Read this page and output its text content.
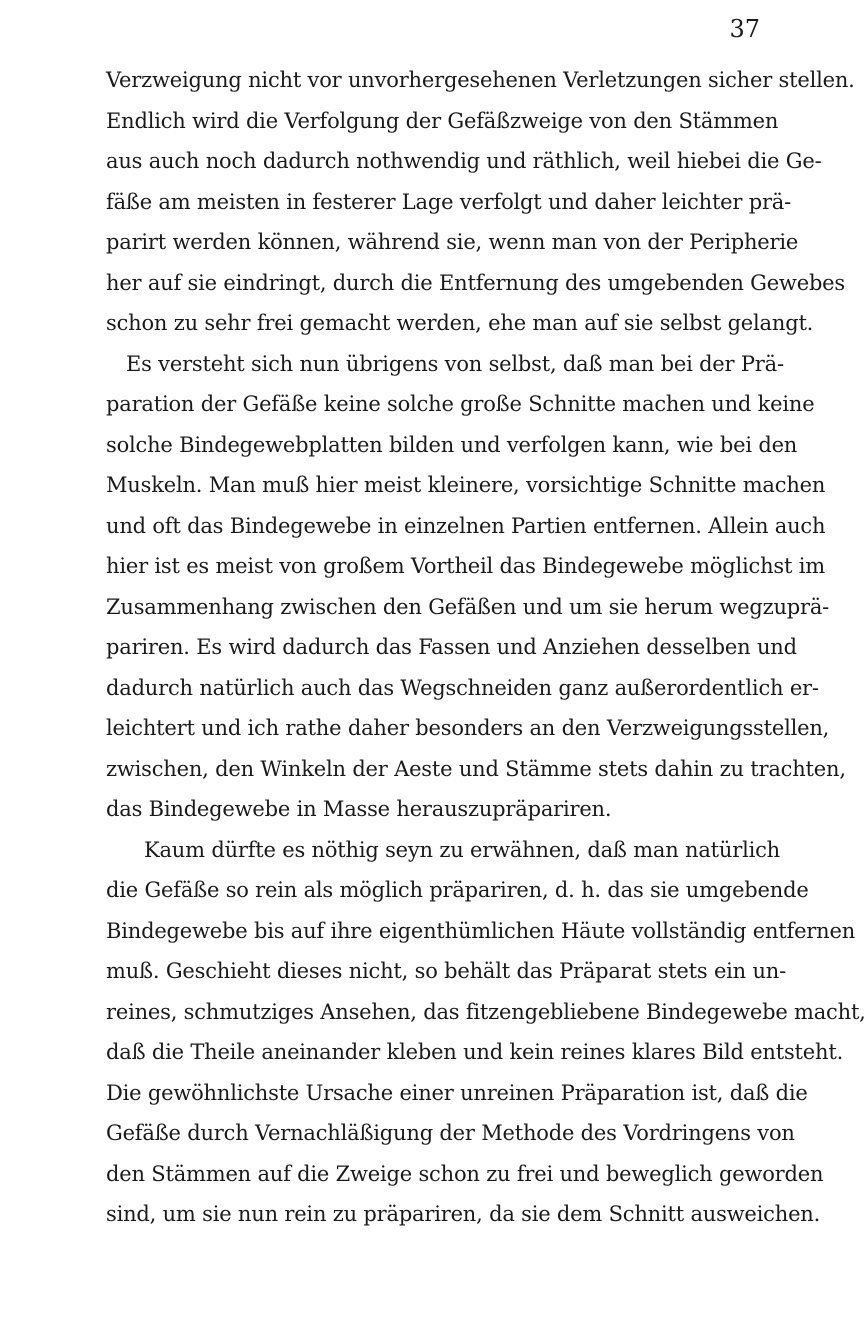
37
Verzweigung nicht vor unvorhergesehenen Verletzungen sicher stellen.
Endlich wird die Verfolgung der Gefäßzweige von den Stämmen
aus auch noch dadurch nothwendig und räthlich, weil hiebei die Ge-
fäße am meisten in festerer Lage verfolgt und daher leichter prä-
parirt werden können, während sie, wenn man von der Peripherie
her auf sie eindringt, durch die Entfernung des umgebenden Gewebes
schon zu sehr frei gemacht werden, ehe man auf sie selbst gelangt.
Es versteht sich nun übrigens von selbst, daß man bei der Prä-
paration der Gefäße keine solche große Schnitte machen und keine
solche Bindegewebplatten bilden und verfolgen kann, wie bei den
Muskeln. Man muß hier meist kleinere, vorsichtige Schnitte machen
und oft das Bindegewebe in einzelnen Partien entfernen. Allein auch
hier ist es meist von großem Vortheil das Bindegewebe möglichst im
Zusammenhang zwischen den Gefäßen und um sie herum wegzuprä-
pariren. Es wird dadurch das Fassen und Anziehen desselben und
dadurch natürlich auch das Wegschneiden ganz außerordentlich er-
leichtert und ich rathe daher besonders an den Verzweigungsstellen,
zwischen, den Winkeln der Aeste und Stämme stets dahin zu trachten,
das Bindegewebe in Masse herauszupräpariren.
Kaum dürfte es nöthig seyn zu erwähnen, daß man natürlich
die Gefäße so rein als möglich präpariren, d. h. das sie umgebende
Bindegewebe bis auf ihre eigenthümlichen Häute vollständig entfernen
muß. Geschieht dieses nicht, so behält das Präparat stets ein un-
reines, schmutziges Ansehen, das fitzengebliebene Bindegewebe macht,
daß die Theile aneinander kleben und kein reines klares Bild entsteht.
Die gewöhnlichste Ursache einer unreinen Präparation ist, daß die
Gefäße durch Vernachläßigung der Methode des Vordringens von
den Stämmen auf die Zweige schon zu frei und beweglich geworden
sind, um sie nun rein zu präpariren, da sie dem Schnitt ausweichen.
